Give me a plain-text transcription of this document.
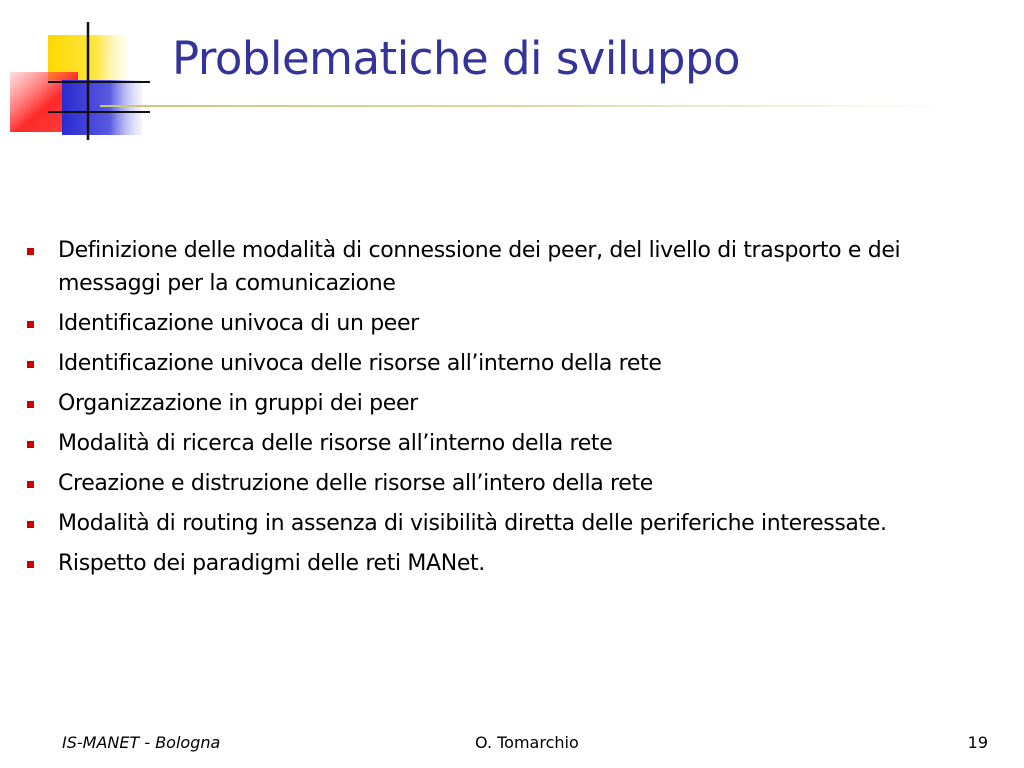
Problematiche di sviluppo
Definizione delle modalità di connessione dei peer, del livello di trasporto e dei messaggi per la comunicazione
Identificazione univoca di un peer
Identificazione univoca delle risorse all’interno della rete
Organizzazione in gruppi dei peer
Modalità di ricerca delle risorse all’interno della rete
Creazione e distruzione delle risorse all’intero della rete
Modalità di routing in assenza di visibilità diretta delle periferiche interessate.
Rispetto dei paradigmi delle reti MANet.
IS-MANET - Bologna	O. Tomarchio	19
